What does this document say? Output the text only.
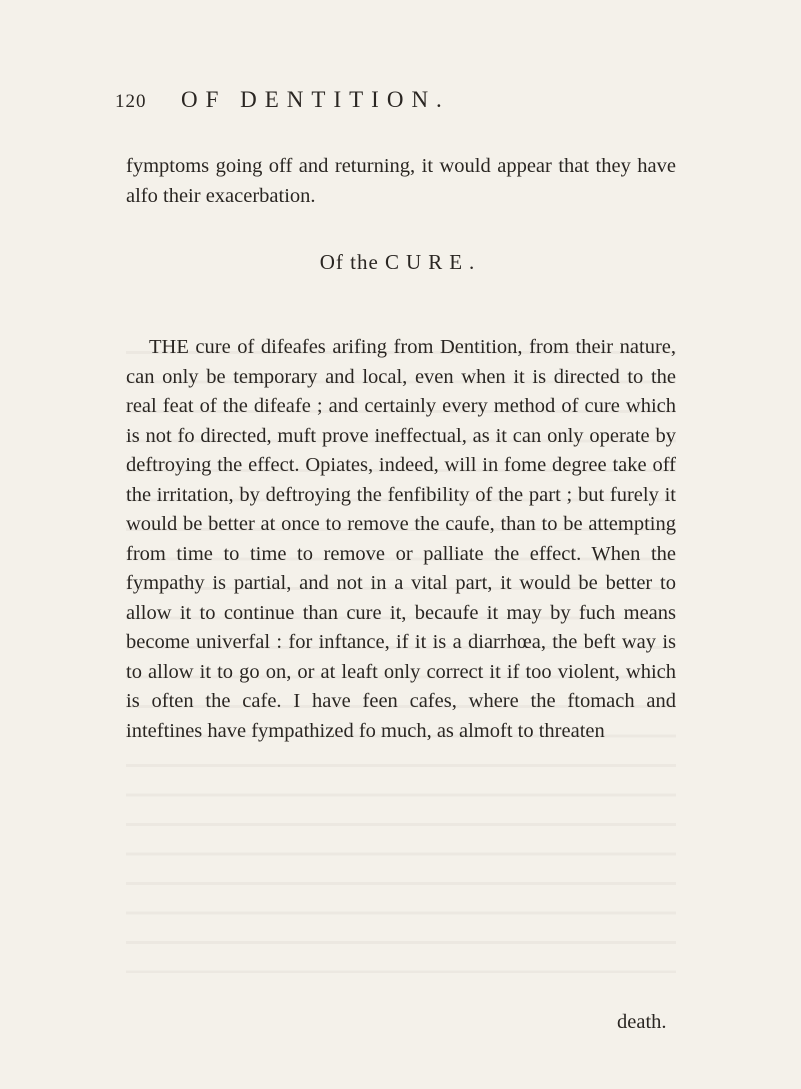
120 OF DENTITION.
fymptoms going off and returning, it would appear that they have alfo their exacerbation.
Of the CURE.
THE cure of difeafes arifing from Dentition, from their nature, can only be temporary and local, even when it is directed to the real feat of the difeafe ; and certainly every method of cure which is not fo directed, muft prove ineffectual, as it can only operate by deftroying the effect. Opiates, indeed, will in fome degree take off the irritation, by deftroying the fenfibility of the part ; but furely it would be better at once to remove the caufe, than to be attempting from time to time to remove or palliate the effect. When the fympathy is partial, and not in a vital part, it would be better to allow it to continue than cure it, becaufe it may by fuch means become univerfal : for inftance, if it is a diarrhœa, the beft way is to allow it to go on, or at leaft only correct it if too violent, which is often the cafe. I have feen cafes, where the ftomach and inteftines have fympathized fo much, as almoft to threaten
death.
